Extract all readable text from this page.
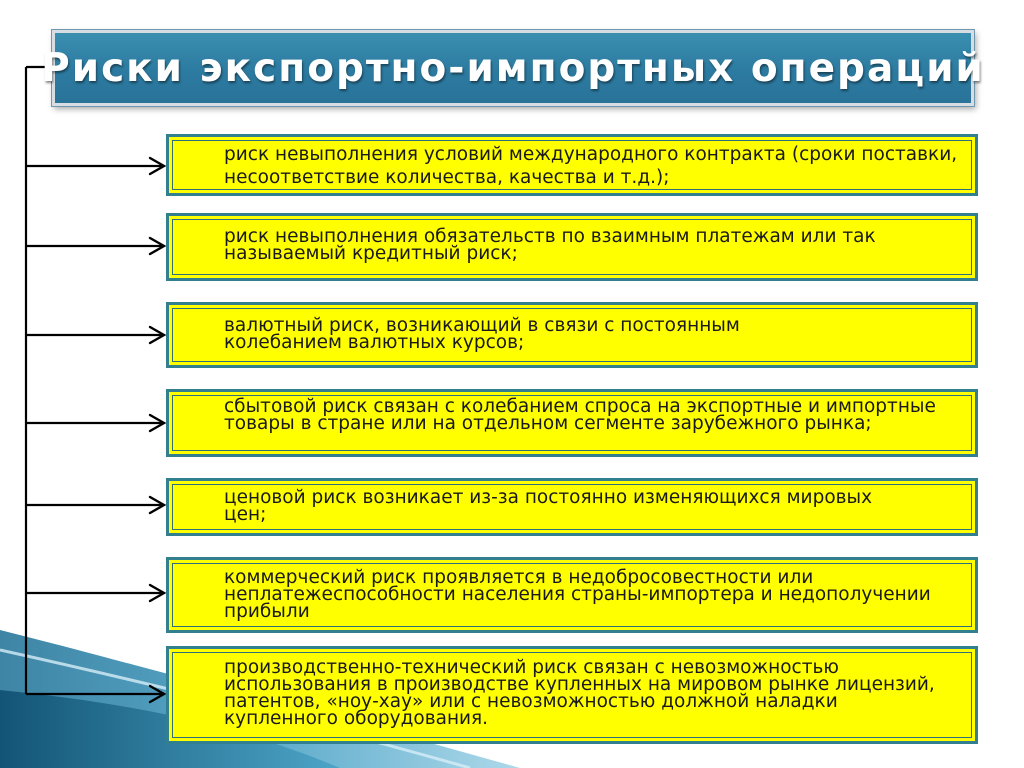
Риски экспортно-импортных операций

риск невыполнения условий международного контракта (сроки поставки, несоответствие количества, качества и т.д.);

риск невыполнения обязательств по взаимным платежам или так называемый кредитный риск;

валютный риск, возникающий в связи с постоянным колебанием валютных курсов;

сбытовой риск связан с колебанием спроса на экспортные и импортные товары в стране или на отдельном сегменте зарубежного рынка;

ценовой риск возникает из-за постоянно изменяющихся мировых цен;

коммерческий риск проявляется в недобросовестности или неплатежеспособности населения страны-импортера и недополучении прибыли

производственно-технический риск связан с невозможностью использования в производстве купленных на мировом рынке лицензий, патентов, «ноу-хау» или с невозможностью должной наладки купленного оборудования.
